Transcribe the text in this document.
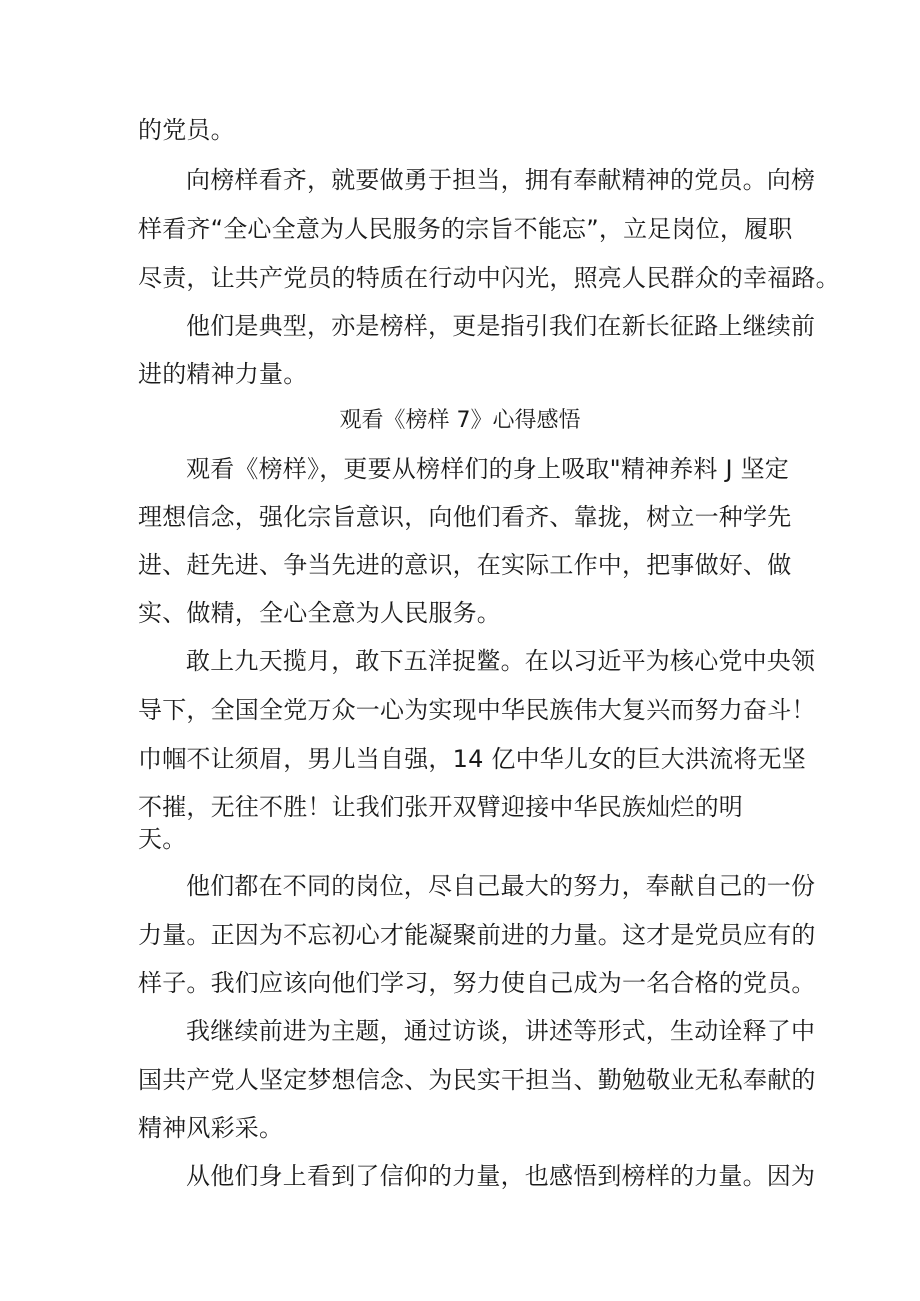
的党员。
向榜样看齐，就要做勇于担当，拥有奉献精神的党员。向榜
样看齐“全心全意为人民服务的宗旨不能忘”，立足岗位，履职
尽责，让共产党员的特质在行动中闪光，照亮人民群众的幸福路。
他们是典型，亦是榜样，更是指引我们在新长征路上继续前
进的精神力量。
观看《榜样 7》心得感悟
观看《榜样》，更要从榜样们的身上吸取"精神养料 J 坚定
理想信念，强化宗旨意识，向他们看齐、靠拢，树立一种学先
进、赶先进、争当先进的意识，在实际工作中，把事做好、做
实、做精，全心全意为人民服务。
敢上九天揽月，敢下五洋捉鳖。在以习近平为核心党中央领
导下，全国全党万众一心为实现中华民族伟大复兴而努力奋斗！
巾帼不让须眉，男儿当自强，14 亿中华儿女的巨大洪流将无坚
不摧，无往不胜！让我们张开双臂迎接中华民族灿烂的明
天。
他们都在不同的岗位，尽自己最大的努力，奉献自己的一份
力量。正因为不忘初心才能凝聚前进的力量。这才是党员应有的
样子。我们应该向他们学习，努力使自己成为一名合格的党员。
我继续前进为主题，通过访谈，讲述等形式，生动诠释了中
国共产党人坚定梦想信念、为民实干担当、勤勉敬业无私奉献的
精神风彩采。
从他们身上看到了信仰的力量，也感悟到榜样的力量。因为
